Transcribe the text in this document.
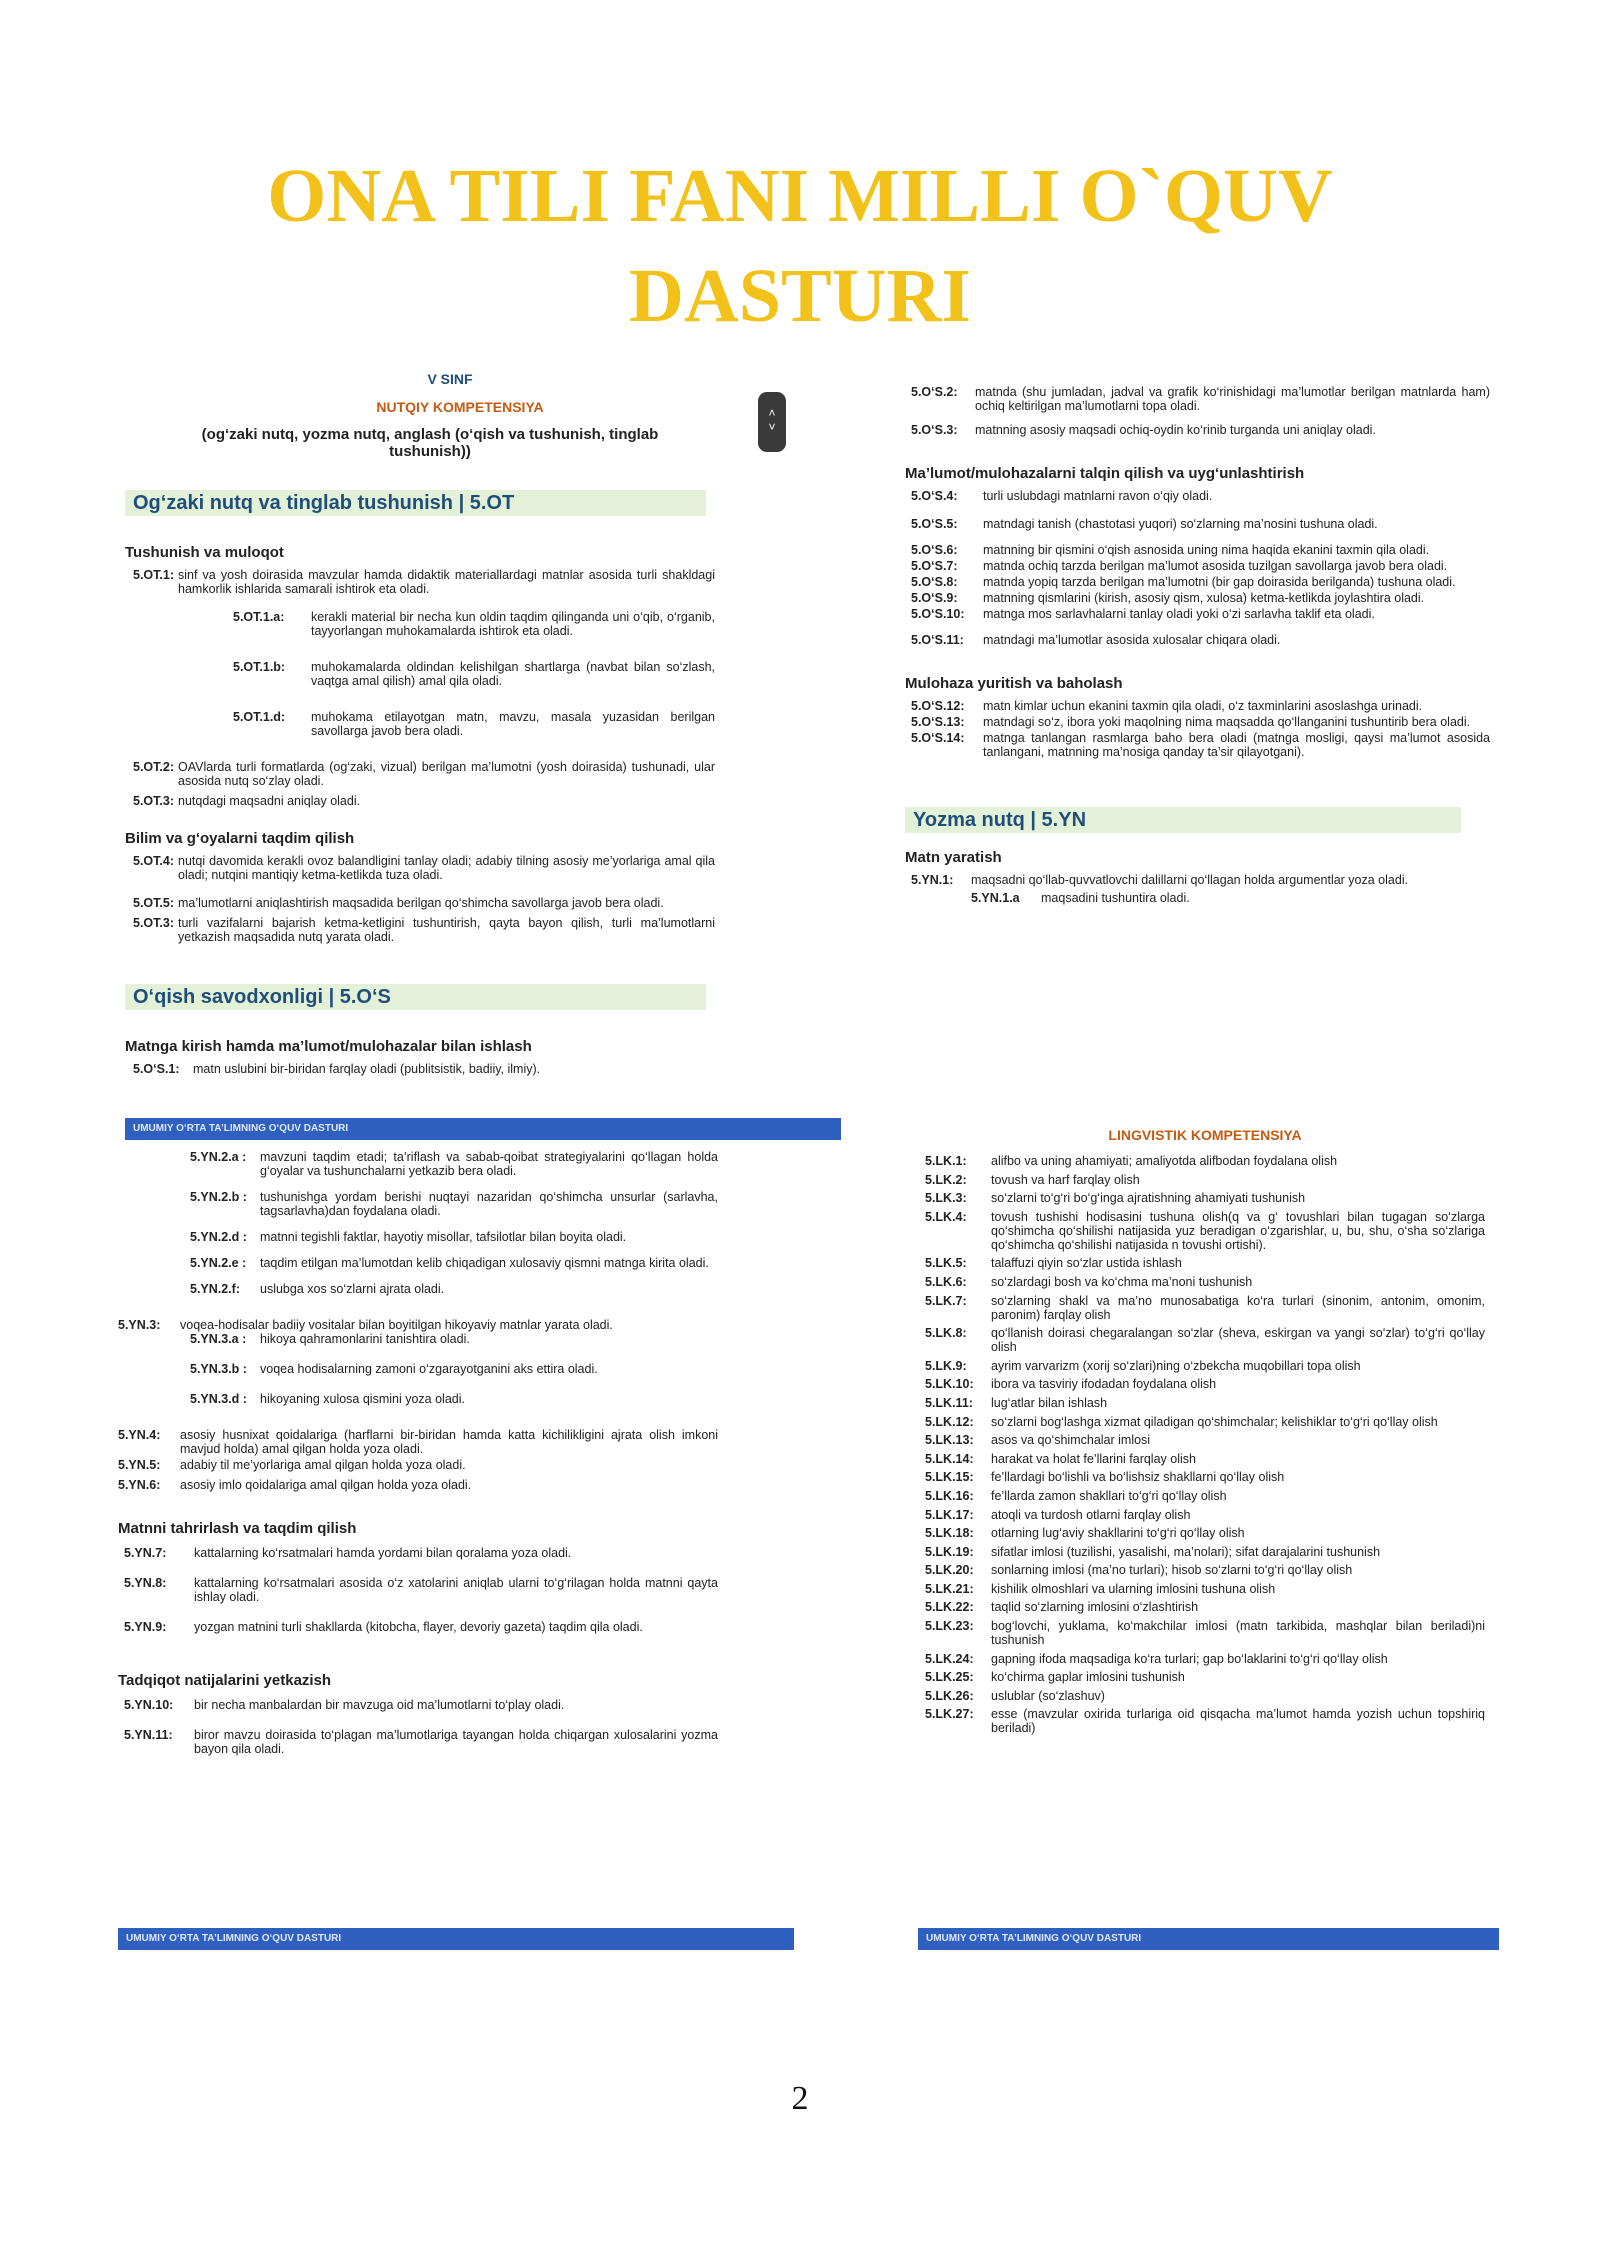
ONA TILI FANI MILLI O`QUV
DASTURI
˄
˅
V SINF
NUTQIY KOMPETENSIYA
(og‘zaki nutq, yozma nutq, anglash (o‘qish va tushunish, tinglab tushunish))
Og‘zaki nutq va tinglab tushunish | 5.OT
Tushunish va muloqot
5.OT.1: sinf va yosh doirasida mavzular hamda didaktik materiallardagi matnlar asosida turli shakldagi hamkorlik ishlarida samarali ishtirok eta oladi.
5.OT.1.a:	kerakli material bir necha kun oldin taqdim qilinganda uni o‘qib, o‘rganib, tayyorlangan muhokamalarda ishtirok eta oladi.
5.OT.1.b:	muhokamalarda oldindan kelishilgan shartlarga (navbat bilan so‘zlash, vaqtga amal qilish) amal qila oladi.
5.OT.1.d:	muhokama etilayotgan matn, mavzu, masala yuzasidan berilgan savollarga javob bera oladi.
5.OT.2: OAVlarda turli formatlarda (og‘zaki, vizual) berilgan ma’lumotni (yosh doirasida) tushunadi, ular asosida nutq so‘zlay oladi.
5.OT.3: nutqdagi maqsadni aniqlay oladi.
Bilim va g‘oyalarni taqdim qilish
5.OT.4: nutqi davomida kerakli ovoz balandligini tanlay oladi; adabiy tilning asosiy me’yorlariga amal qila oladi; nutqini mantiqiy ketma-ketlikda tuza oladi.
5.OT.5: ma’lumotlarni aniqlashtirish maqsadida berilgan qo‘shimcha savollarga javob bera oladi.
5.OT.3: turli vazifalarni bajarish ketma-ketligini tushuntirish, qayta bayon qilish, turli ma’lumotlarni yetkazish maqsadida nutq yarata oladi.
O‘qish savodxonligi | 5.O‘S
Matnga kirish hamda ma’lumot/mulohazalar bilan ishlash
5.O‘S.1:	matn uslubini bir-biridan farqlay oladi (publitsistik, badiiy, ilmiy).
UMUMIY O‘RTA TA’LIMNING O‘QUV DASTURI
5.YN.2.a :	mavzuni taqdim etadi; ta’riflash va sabab-qoibat strategiyalarini qo‘llagan holda g‘oyalar va tushunchalarni yetkazib bera oladi.
5.YN.2.b :	tushunishga yordam berishi nuqtayi nazaridan qo‘shimcha unsurlar (sarlavha, tagsarlavha)dan foydalana oladi.
5.YN.2.d :	matnni tegishli faktlar, hayotiy misollar, tafsilotlar bilan boyita oladi.
5.YN.2.e :	taqdim etilgan ma’lumotdan kelib chiqadigan xulosaviy qismni matnga kirita oladi.
5.YN.2.f:	uslubga xos so‘zlarni ajrata oladi.
5.YN.3:	voqea-hodisalar badiiy vositalar bilan boyitilgan hikoyaviy matnlar yarata oladi.
5.YN.3.a :	hikoya qahramonlarini tanishtira oladi.
5.YN.3.b :	voqea hodisalarning zamoni o‘zgarayotganini aks ettira oladi.
5.YN.3.d :	hikoyaning xulosa qismini yoza oladi.
5.YN.4:	asosiy husnixat qoidalariga (harflarni bir-biridan hamda katta kichilikligini ajrata olish imkoni mavjud holda) amal qilgan holda yoza oladi.
5.YN.5:	adabiy til me’yorlariga amal qilgan holda yoza oladi.
5.YN.6:	asosiy imlo qoidalariga amal qilgan holda yoza oladi.
Matnni tahrirlash va taqdim qilish
5.YN.7:	kattalarning ko‘rsatmalari hamda yordami bilan qoralama yoza oladi.
5.YN.8:	kattalarning ko‘rsatmalari asosida o‘z xatolarini aniqlab ularni to‘g‘rilagan holda matnni qayta ishlay oladi.
5.YN.9:	yozgan matnini turli shakllarda (kitobcha, flayer, devoriy gazeta) taqdim qila oladi.
Tadqiqot natijalarini yetkazish
5.YN.10:	bir necha manbalardan bir mavzuga oid ma’lumotlarni to‘play oladi.
5.YN.11:	biror mavzu doirasida to‘plagan ma’lumotlariga tayangan holda chiqargan xulosalarini yozma bayon qila oladi.
UMUMIY O‘RTA TA’LIMNING O‘QUV DASTURI
5.O‘S.2:	matnda (shu jumladan, jadval va grafik ko‘rinishidagi ma’lumotlar berilgan matnlarda ham) ochiq keltirilgan ma’lumotlarni topa oladi.
5.O‘S.3:	matnning asosiy maqsadi ochiq-oydin ko‘rinib turganda uni aniqlay oladi.
Ma’lumot/mulohazalarni talqin qilish va uyg‘unlashtirish
5.O‘S.4:	turli uslubdagi matnlarni ravon o‘qiy oladi.
5.O‘S.5:	matndagi tanish (chastotasi yuqori) so‘zlarning ma’nosini tushuna oladi.
5.O‘S.6:	matnning bir qismini o‘qish asnosida uning nima haqida ekanini taxmin qila oladi.
5.O‘S.7:	matnda ochiq tarzda berilgan ma’lumot asosida tuzilgan savollarga javob bera oladi.
5.O‘S.8:	matnda yopiq tarzda berilgan ma’lumotni (bir gap doirasida berilganda) tushuna oladi.
5.O‘S.9:	matnning qismlarini (kirish, asosiy qism, xulosa) ketma-ketlikda joylashtira oladi.
5.O‘S.10:	matnga mos sarlavhalarni tanlay oladi yoki o‘zi sarlavha taklif eta oladi.
5.O‘S.11:	matndagi ma’lumotlar asosida xulosalar chiqara oladi.
Mulohaza yuritish va baholash
5.O‘S.12:	matn kimlar uchun ekanini taxmin qila oladi, o‘z taxminlarini asoslashga urinadi.
5.O‘S.13:	matndagi so‘z, ibora yoki maqolning nima maqsadda qo‘llanganini tushuntirib bera oladi.
5.O‘S.14:	matnga tanlangan rasmlarga baho bera oladi (matnga mosligi, qaysi ma’lumot asosida tanlangani, matnning ma’nosiga qanday ta’sir qilayotgani).
Yozma nutq | 5.YN
Matn yaratish
5.YN.1:	maqsadni qo‘llab-quvvatlovchi dalillarni qo‘llagan holda argumentlar yoza oladi.
5.YN.1.a	maqsadini tushuntira oladi.
LINGVISTIK KOMPETENSIYA
5.LK.1:	alifbo va uning ahamiyati; amaliyotda alifbodan foydalana olish
5.LK.2:	tovush va harf farqlay olish
5.LK.3:	so‘zlarni to‘g‘ri bo‘g‘inga ajratishning ahamiyati tushunish
5.LK.4:	tovush tushishi hodisasini tushuna olish(q va g‘ tovushlari bilan tugagan so‘zlarga qo‘shimcha qo‘shilishi natijasida yuz beradigan o‘zgarishlar, u, bu, shu, o‘sha so‘zlariga qo‘shimcha qo‘shilishi natijasida n tovushi ortishi).
5.LK.5:	talaffuzi qiyin so‘zlar ustida ishlash
5.LK.6:	so‘zlardagi bosh va ko‘chma ma’noni tushunish
5.LK.7:	so‘zlarning shakl va ma’no munosabatiga ko‘ra turlari (sinonim, antonim, omonim, paronim) farqlay olish
5.LK.8:	qo‘llanish doirasi chegaralangan so‘zlar (sheva, eskirgan va yangi so‘zlar) to‘g‘ri qo‘llay olish
5.LK.9:	ayrim varvarizm (xorij so‘zlari)ning o‘zbekcha muqobillari topa olish
5.LK.10:	ibora va tasviriy ifodadan foydalana olish
5.LK.11:	lug‘atlar bilan ishlash
5.LK.12:	so‘zlarni bog‘lashga xizmat qiladigan qo‘shimchalar; kelishiklar to‘g‘ri qo‘llay olish
5.LK.13:	asos va qo‘shimchalar imlosi
5.LK.14:	harakat va holat fe’llarini farqlay olish
5.LK.15:	fe’llardagi bo‘lishli va bo‘lishsiz shakllarni qo‘llay olish
5.LK.16:	fe’llarda zamon shakllari to‘g‘ri qo‘llay olish
5.LK.17:	atoqli va turdosh otlarni farqlay olish
5.LK.18:	otlarning lug‘aviy shakllarini to‘g‘ri qo‘llay olish
5.LK.19:	sifatlar imlosi (tuzilishi, yasalishi, ma’nolari); sifat darajalarini tushunish
5.LK.20:	sonlarning imlosi (ma’no turlari); hisob so‘zlarni to‘g‘ri qo‘llay olish
5.LK.21:	kishilik olmoshlari va ularning imlosini tushuna olish
5.LK.22:	taqlid so‘zlarning imlosini o‘zlashtirish
5.LK.23:	bog‘lovchi, yuklama, ko‘makchilar imlosi (matn tarkibida, mashqlar bilan beriladi)ni tushunish
5.LK.24:	gapning ifoda maqsadiga ko‘ra turlari; gap bo‘laklarini to‘g‘ri qo‘llay olish
5.LK.25:	ko‘chirma gaplar imlosini tushunish
5.LK.26:	uslublar (so‘zlashuv)
5.LK.27:	esse (mavzular oxirida turlariga oid qisqacha ma’lumot hamda yozish uchun topshiriq beriladi)
UMUMIY O‘RTA TA’LIMNING O‘QUV DASTURI
2
